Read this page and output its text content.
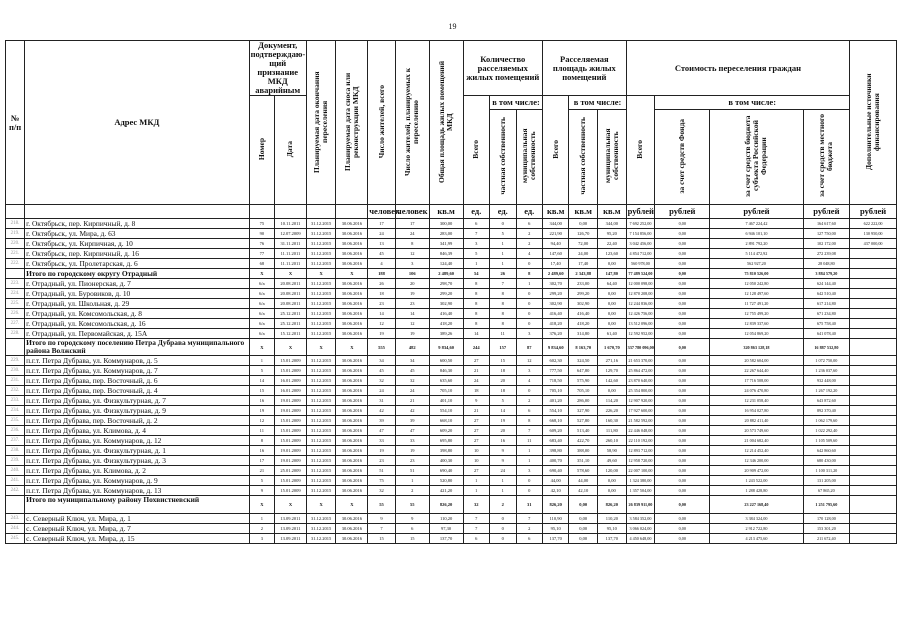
19
№ п/п	Адрес МКД	Документ, подтверждаю-щий признание МКД аварийным		Планируемая дата окончания переселения	Планируемая дата сноса или реконструкции МКД	Число жителей, всего	Число жителей, планируемых к переселению	Общая площадь жилых помещений МКД	Количество расселяемых жилых помещений			Расселяемая площадь жилых помещений			Стоимость переселения граждан				Дополнительные источники финансирования
		Номер	Дата						Всего	в том числе:		Всего	в том числе:		Всего	в том числе:			
										частная собственность	муниципальная собственность		частная собственность	муниципальная собственность		за счет средств Фонда	за счет средств бюджета субъекта Российской Федерации	за счет средств местного бюджета	
						человек	человек	кв.м	ед.	ед.	ед.	кв.м	кв.м	кв.м	рублей	рублей	рублей	рублей	рублей
218.	г. Октябрьск, пер. Кирпичный, д. 8	75	10.11.2011	31.12.2015	30.06.2016	17	17	300,00	6	0	6	344,00	0,00	344,00	7 692 252,00	0,00	7 467 224,42	164 617,60	622 222,00
219.	г. Октябрьск, ул. Мира, д. 63	90	12.07.2009	31.12.2015	30.06.2016	24	24	283,00	7	5	2	221,90	126,70	95,20	7 154 856,00	0,00	6 946 101,10	127 750,00	130 950,00
220.	г. Октябрьск, ул. Кирпичная, д. 10	76	31.11.2011	31.12.2015	30.06.2016	13	8	341,99	3	1	2	94,40	72,00	22,40	3 042 456,00	0,00	2 891 792,20	102 172,00	437 000,00
221.	г. Октябрьск, пер. Кирпичный, д. 16	77	11.11.2011	31.12.2015	30.06.2016	45	12	846,39	5	1	4	147,60	24,00	123,60	4 854 712,00	0,00	5 114 472,92	272 239,08	
222.	г. Октябрьск, ул. Пролетарская, д. 6	68	11.11.2011	31.12.2015	30.06.2016	4	3	124,40	1	1	0	17,40	17,40	0,00	560 978,00	0,00	562 927,20	28 048,80	
	Итого по городскому округу Отрадный	X	X	X	X	188	106	2 489,60	54	26	8	2 489,60	2 343,88	147,80	77 489 524,00	0,00	75 810 526,00	3 884 579,20	
223.	г. Отрадный, ул. Пионерская, д. 7	6/а	20.08.2011	31.12.2015	30.06.2016	26	20	298,70	8	7	1	302,70	233,00	64,40	12 000 098,00	0,00	12 050 242,80	624 144,40	
224.	г. Отрадный, ул. Буровиков, д. 10	6/а	20.08.2011	31.12.2015	30.06.2016	18	19	299,20	8	8	0	299,20	299,20	0,00	12 870 208,00	0,00	12 128 497,60	642 510,40	
225.	г. Отрадный, ул. Школьная, д. 29	6/а	20.08.2011	31.12.2015	30.06.2016	23	23	302,90	8	8	0	302,90	302,90	0,00	12 244 836,00	0,00	11 727 491,20	617 214,80	
226.	г. Отрадный, ул. Комсомольская, д. 8	6/а	25.12.2011	31.12.2015	30.06.2016	14	14	416,40	8	8	0	416,40	416,40	0,00	12 426 756,00	0,00	12 755 499,20	671 234,80	
227.	г. Отрадный, ул. Комсомольская, д. 16	6/а	25.12.2011	31.12.2015	30.06.2016	12	12	418,20	8	8	0	418,20	418,20	0,00	13 512 096,00	0,00	12 839 337,60	675 758,40	
228.	г. Отрадный, ул. Первомайская, д. 15А	6/а	15.12.2011	31.12.2015	30.06.2016	19	19	389,26	14	11	3	376,20	314,80	61,40	12 592 952,00	0,00	12 054 869,20	641 078,40	
	Итого по городскому поселению Петра Дубрава муниципального района Волжский	X	X	X	X	555	482	9 834,60	244	157	87	9 834,60	8 163,70	1 670,70	337 780 096,00	0,00	320 863 128,18	16 887 532,80	
229.	п.г.т. Петра Дубрава, ул. Коммунаров, д. 5	1	15.01.2009	31.12.2015	30.06.2016	34	34	600,50	27	15	12	602,30	324,50	271,16	21 653 370,00	0,00	20 582 604,00	1 072 750,00	
230.	п.г.т. Петра Дубрава, ул. Коммунаров, д. 7	5	15.01.2009	31.12.2015	30.06.2016	45	45	846,30	21	18	3	777,50	647,80	129,70	25 864 472,00	0,00	22 267 644,40	1 236 037,60	
231.	п.г.т. Петра Дубрава, пер. Восточный, д. 6	14	16.01.2009	31.12.2015	30.06.2016	32	32	635,60	24	20	4	718,50	575,90	142,60	23 870 640,00	0,00	17 716 508,00	932 448,00	
232.	п.г.т. Петра Дубрава, пер. Восточный, д. 4	15	16.01.2009	31.12.2015	30.06.2016	24	24	705,10	18	18	0	705,10	705,10	0,00	25 354 800,00	0,00	24 076 470,80	1 267 192,20	
233.	п.г.т. Петра Дубрава, ул. Физкультурная, д. 7	16	19.01.2009	31.12.2015	30.06.2016	31	21	401,10	9	5	2	401,20	286,00	114,20	12 907 920,00	0,00	12 231 058,40	643 872,60	
234.	п.г.т. Петра Дубрава, ул. Физкультурная, д. 9	19	19.01.2009	31.12.2015	30.06.2016	42	42	554,10	21	14	6	554,10	327,90	226,20	17 927 600,00	0,00	16 954 027,80	892 370,40	
235.	п.г.т. Петра Дубрава, пер. Восточный, д. 2	12	15.01.2009	31.12.2015	30.06.2016	39	39	668,10	27	19	8	668,10	527,80	160,30	21 582 592,00	0,00	20 882 411,40	1 062 179,60	
236.	п.г.т. Петра Дубрава, ул. Климова, д. 4	11	15.01.2009	31.12.2015	30.06.2016	47	47	609,20	27	20	7	609,20	513,40	111,80	22 446 048,00	0,00	20 573 749,60	1 022 292,40	
237.	п.г.т. Петра Дубрава, ул. Коммунаров, д. 12	8	15.01.2009	31.12.2015	30.06.2016	33	33	695,80	27	16	11	683,40	422,70	260,10	22 110 192,00	0,00	21 004 682,40	1 105 509,60	
238.	п.г.т. Петра Дубрава, ул. Физкультурная, д. 1	16	19.01.2009	31.12.2015	30.06.2016	19	19	398,80	10	9	1	398,80	388,00	58,90	12 893 712,00	0,00	12 214 452,40	642 860,60	
239.	п.г.т. Петра Дубрава, ул. Физкультурная, д. 3	17	19.01.2009	31.12.2015	30.06.2016	23	23	400,30	10	9	1	400,70	351,10	49,60	12 958 720,00	0,00	12 346 200,00	680 430,00	
240.	п.г.т. Петра Дубрава, ул. Климова, д. 2	21	25.01.2009	31.12.2015	30.06.2016	51	51	690,40	27	24	3	690,40	578,60	120,00	22 007 100,00	0,00	20 909 472,00	1 100 311,20	
241.	п.г.т. Петра Дубрава, ул. Коммунаров, д. 9	5	15.01.2009	31.12.2015	30.06.2016	75	1	520,80	1	1	0	44,00	44,00	0,00	1 324 380,00	0,00	1 243 522,00	131 205,00	
242.	п.г.т. Петра Дубрава, ул. Коммунаров, д. 13	9	15.01.2009	31.12.2015	30.06.2016	32	2	421,20	1	1	0	42,10	42,10	0,00	1 357 504,00	0,00	1 288 428,80	67 865,20	
	Итого по муниципальному району Похвистневский	X	X	X	X	55	55	826,20	32	2	31	826,20	0,00	826,20	26 839 911,00	0,00	23 227 168,40	1 251 795,60	
243.	с. Северный Ключ, ул. Мира, д. 1	1	13.09.2011	31.12.2015	30.06.2016	9	9	110,20	7	0	7	110,90	0,00	110,20	3 584 352,00	0,00	3 384 324,00	170 128,00	
244.	с. Северный Ключ, ул. Мира, д. 7	2	13.09.2011	31.12.2015	30.06.2016	7	6	97,30	7	0	2	95,10	0,00	95,10	3 066 024,00	0,00	2 912 722,80	153 301,20	
245.	с. Северный Ключ, ул. Мира, д. 15	3	13.09.2011	31.12.2015	30.06.2016	15	15	137,70	6	0	6	137,70	0,00	137,70	4 450 648,00	0,00	4 213 475,60	211 672,40	
